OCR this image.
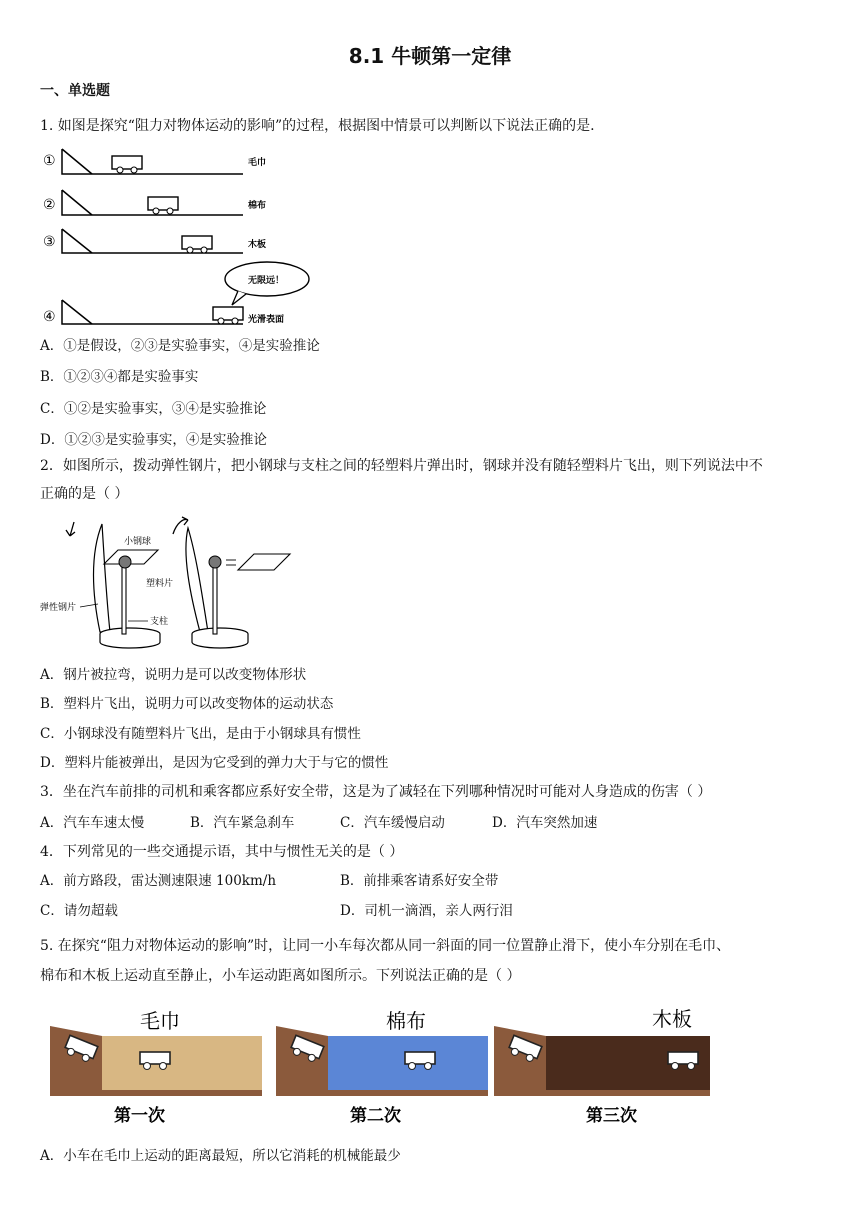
8.1 牛顿第一定律
一、单选题
1. 如图是探究“阻力对物体运动的影响”的过程，根据图中情景可以判断以下说法正确的是.
①	毛巾
②	棉布
③	木板
无限远！
④	光滑表面
A．①是假设，②③是实验事实，④是实验推论
B．①②③④都是实验事实
C．①②是实验事实，③④是实验推论
D．①②③是实验事实，④是实验推论
2．如图所示，拨动弹性钢片，把小钢球与支柱之间的轻塑料片弹出时，钢球并没有随轻塑料片飞出，则下列说法中不
正确的是（ ）
小钢球
塑料片
弹性钢片
支柱
A．钢片被拉弯，说明力是可以改变物体形状
B．塑料片飞出，说明力可以改变物体的运动状态
C．小钢球没有随塑料片飞出，是由于小钢球具有惯性
D．塑料片能被弹出，是因为它受到的弹力大于与它的惯性
3．坐在汽车前排的司机和乘客都应系好安全带，这是为了减轻在下列哪种情况时可能对人身造成的伤害（ ）
A．汽车车速太慢	B．汽车紧急刹车	C．汽车缓慢启动	D．汽车突然加速
4．下列常见的一些交通提示语，其中与惯性无关的是（ ）
A．前方路段，雷达测速限速 100km/h	B．前排乘客请系好安全带
C．请勿超载	D．司机一滴酒，亲人两行泪
5. 在探究“阻力对物体运动的影响”时，让同一小车每次都从同一斜面的同一位置静止滑下，使小车分别在毛巾、
棉布和木板上运动直至静止，小车运动距离如图所示。下列说法正确的是（ ）
毛巾
第一次
棉布
第二次
木板
第三次
A．小车在毛巾上运动的距离最短，所以它消耗的机械能最少
